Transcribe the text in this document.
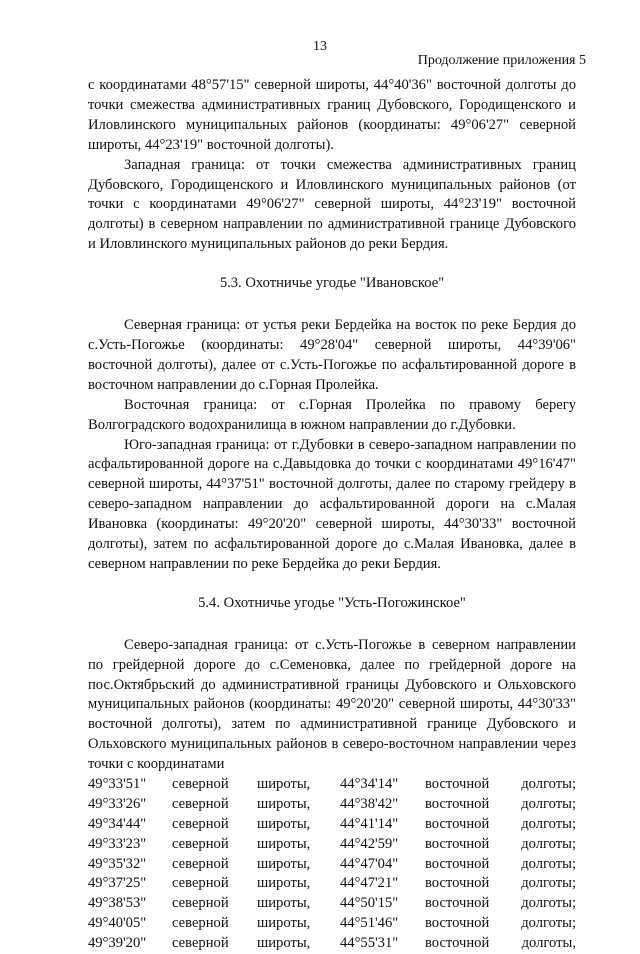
13
Продолжение приложения 5

с координатами 48°57'15" северной широты, 44°40'36" восточной долготы до точки смежества административных границ Дубовского, Городищенского и Иловлинского муниципальных районов (координаты: 49°06'27" северной широты, 44°23'19" восточной долготы).

Западная граница: от точки смежества административных границ Дубовского, Городищенского и Иловлинского муниципальных районов (от точки с координатами 49°06'27" северной широты, 44°23'19" восточной долготы) в северном направлении по административной границе Дубовского и Иловлинского муниципальных районов до реки Бердия.

5.3. Охотничье угодье "Ивановское"

Северная граница: от устья реки Бердейка на восток по реке Бердия до с.Усть-Погожье (координаты: 49°28'04" северной широты, 44°39'06" восточной долготы), далее от с.Усть-Погожье по асфальтированной дороге в восточном направлении до с.Горная Пролейка.

Восточная граница: от с.Горная Пролейка по правому берегу Волгоградского водохранилища в южном направлении до г.Дубовки.

Юго-западная граница: от г.Дубовки в северо-западном направлении по асфальтированной дороге на с.Давыдовка до точки с координатами 49°16'47" северной широты, 44°37'51" восточной долготы, далее по старому грейдеру в северо-западном направлении до асфальтированной дороги на с.Малая Ивановка (координаты: 49°20'20" северной широты, 44°30'33" восточной долготы), затем по асфальтированной дороге до с.Малая Ивановка, далее в северном направлении по реке Бердейка до реки Бердия.

5.4. Охотничье угодье "Усть-Погожинское"

Северо-западная граница: от с.Усть-Погожье в северном направлении по грейдерной дороге до с.Семеновка, далее по грейдерной дороге на пос.Октябрьский до административной границы Дубовского и Ольховского муниципальных районов (координаты: 49°20'20" северной широты, 44°30'33" восточной долготы), затем по административной границе Дубовского и Ольховского муниципальных районов в северо-восточном направлении через точки с координатами

49°33'51" северной широты, 44°34'14" восточной долготы;
49°33'26" северной широты, 44°38'42" восточной долготы;
49°34'44" северной широты, 44°41'14" восточной долготы;
49°33'23" северной широты, 44°42'59" восточной долготы;
49°35'32" северной широты, 44°47'04" восточной долготы;
49°37'25" северной широты, 44°47'21" восточной долготы;
49°38'53" северной широты, 44°50'15" восточной долготы;
49°40'05" северной широты, 44°51'46" восточной долготы;
49°39'20" северной широты, 44°55'31" восточной долготы,
